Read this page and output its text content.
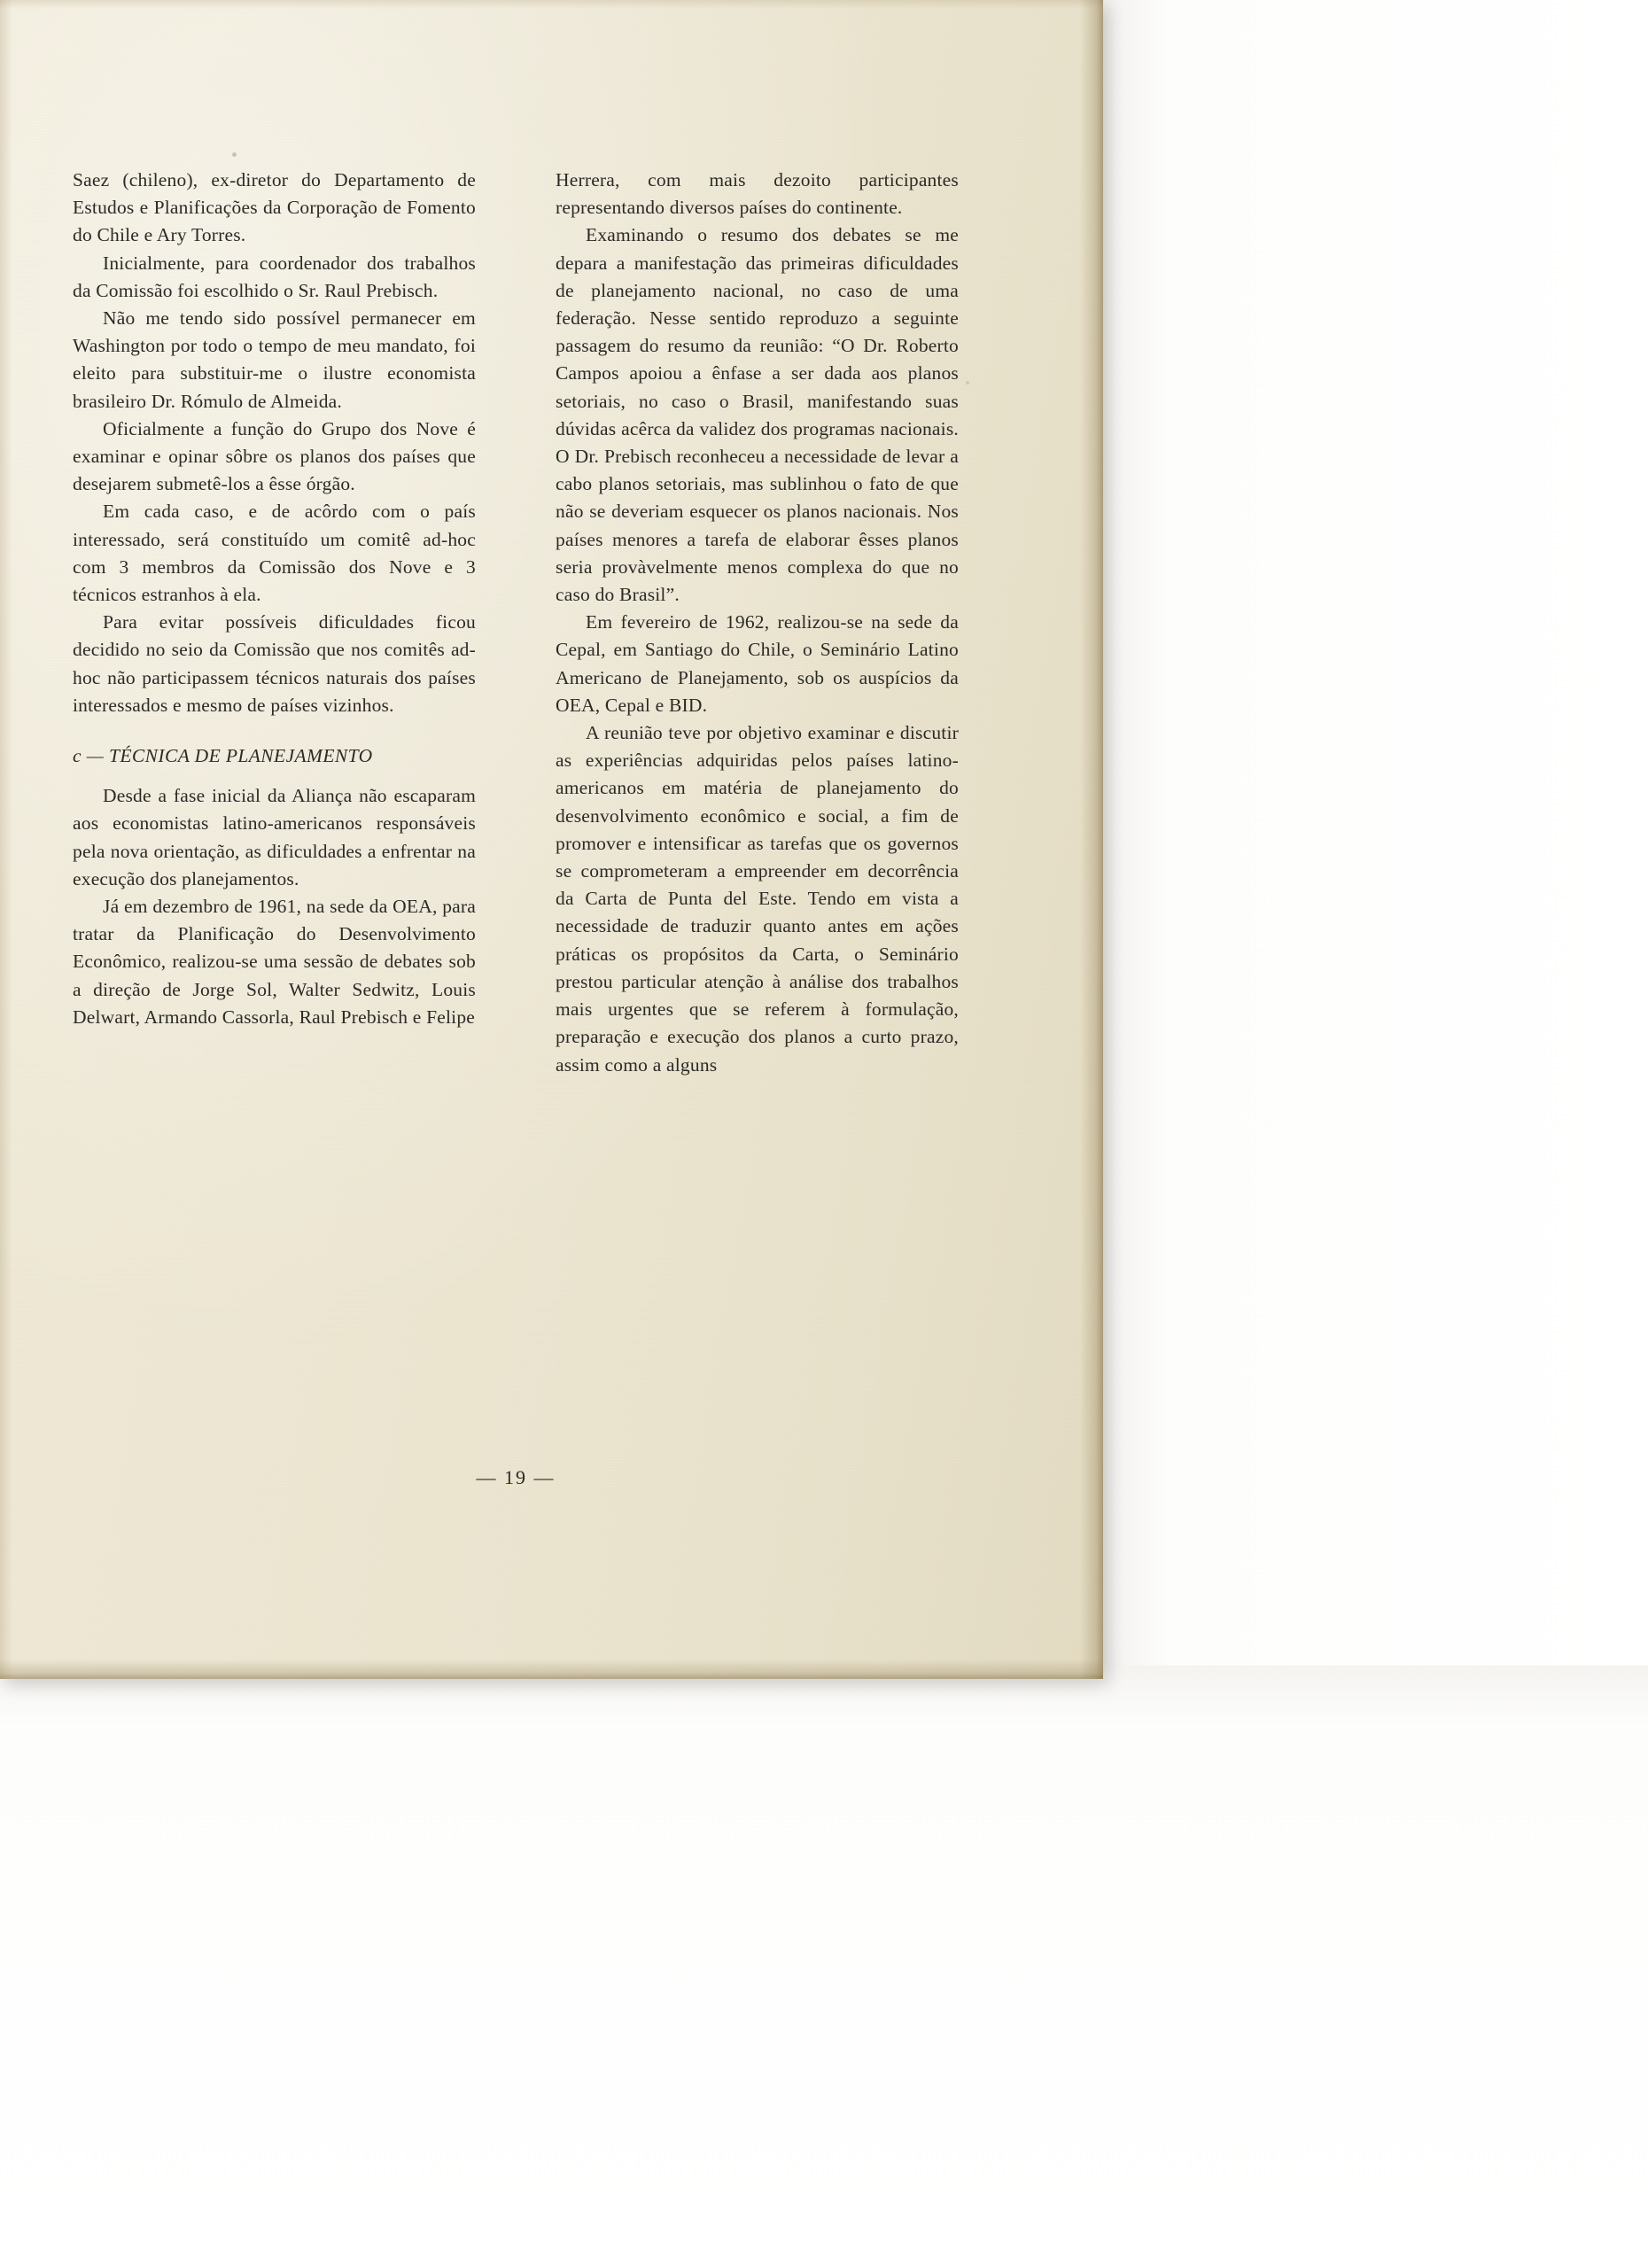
Saez (chileno), ex-diretor do Departamento de Estudos e Planificações da Corporação de Fomento do Chile e Ary Torres.

Inicialmente, para coordenador dos trabalhos da Comissão foi escolhido o Sr. Raul Prebisch.

Não me tendo sido possível permanecer em Washington por todo o tempo de meu mandato, foi eleito para substituir-me o ilustre economista brasileiro Dr. Rómulo de Almeida.

Oficialmente a função do Grupo dos Nove é examinar e opinar sôbre os planos dos países que desejarem submetê-los a êsse órgão.

Em cada caso, e de acôrdo com o país interessado, será constituído um comitê ad-hoc com 3 membros da Comissão dos Nove e 3 técnicos estranhos à ela.

Para evitar possíveis dificuldades ficou decidido no seio da Comissão que nos comitês ad-hoc não participassem técnicos naturais dos países interessados e mesmo de países vizinhos.

c — TÉCNICA DE PLANEJAMENTO

Desde a fase inicial da Aliança não escaparam aos economistas latino-americanos responsáveis pela nova orientação, as dificuldades a enfrentar na execução dos planejamentos.

Já em dezembro de 1961, na sede da OEA, para tratar da Planificação do Desenvolvimento Econômico, realizou-se uma sessão de debates sob a direção de Jorge Sol, Walter Sedwitz, Louis Delwart, Armando Cassorla, Raul Prebisch e Felipe

Herrera, com mais dezoito participantes representando diversos países do continente.

Examinando o resumo dos debates se me depara a manifestação das primeiras dificuldades de planejamento nacional, no caso de uma federação. Nesse sentido reproduzo a seguinte passagem do resumo da reunião: “O Dr. Roberto Campos apoiou a ênfase a ser dada aos planos setoriais, no caso o Brasil, manifestando suas dúvidas acêrca da validez dos programas nacionais. O Dr. Prebisch reconheceu a necessidade de levar a cabo planos setoriais, mas sublinhou o fato de que não se deveriam esquecer os planos nacionais. Nos países menores a tarefa de elaborar êsses planos seria provàvelmente menos complexa do que no caso do Brasil”.

Em fevereiro de 1962, realizou-se na sede da Cepal, em Santiago do Chile, o Seminário Latino Americano de Planejamento, sob os auspícios da OEA, Cepal e BID.

A reunião teve por objetivo examinar e discutir as experiências adquiridas pelos países latino-americanos em matéria de planejamento do desenvolvimento econômico e social, a fim de promover e intensificar as tarefas que os governos se comprometeram a empreender em decorrência da Carta de Punta del Este. Tendo em vista a necessidade de traduzir quanto antes em ações práticas os propósitos da Carta, o Seminário prestou particular atenção à análise dos trabalhos mais urgentes que se referem à formulação, preparação e execução dos planos a curto prazo, assim como a alguns

— 19 —
